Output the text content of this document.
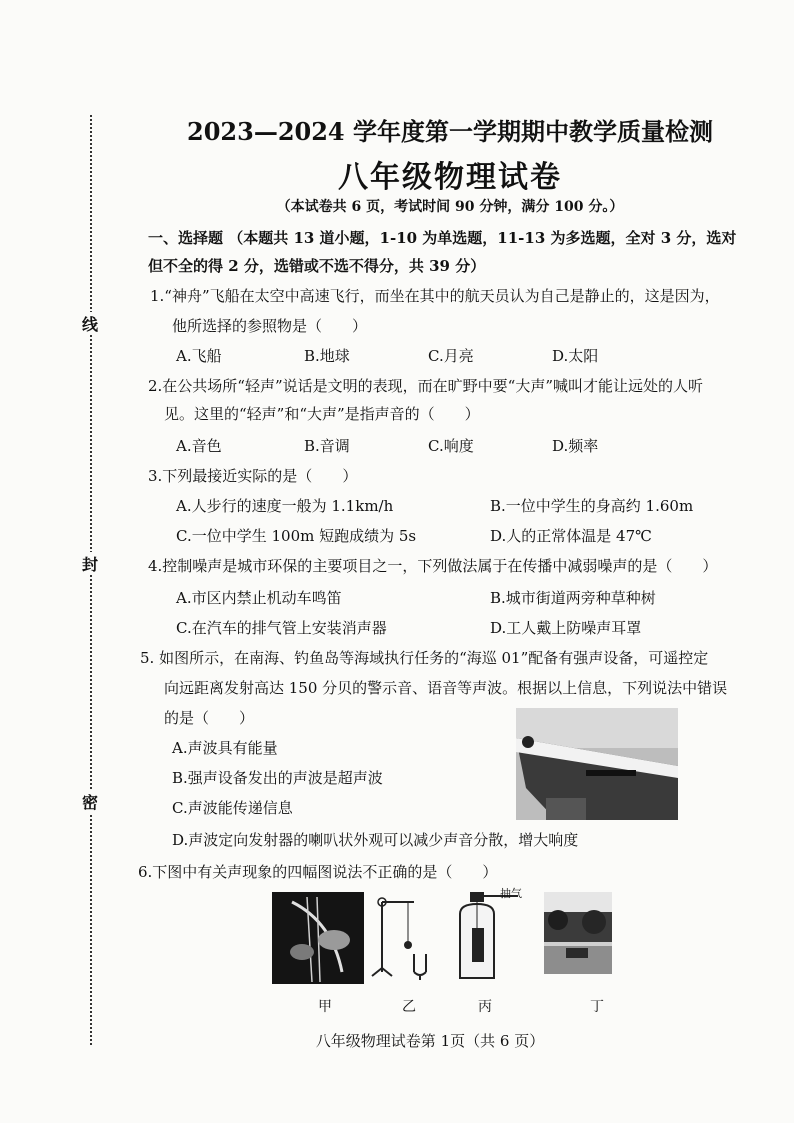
线
封
密
2023—2024 学年度第一学期期中教学质量检测
八年级物理试卷
（本试卷共 6 页，考试时间 90 分钟，满分 100 分。）
一、选择题 （本题共 13 道小题，1-10 为单选题，11-13 为多选题，全对 3 分，选对
但不全的得 2 分，选错或不选不得分，共 39 分）
1.“神舟”飞船在太空中高速飞行，而坐在其中的航天员认为自己是静止的，这是因为，
他所选择的参照物是（　　）
A.飞船	B.地球	C.月亮	D.太阳
2.在公共场所“轻声”说话是文明的表现，而在旷野中要“大声”喊叫才能让远处的人听
见。这里的“轻声”和“大声”是指声音的（　　）
A.音色	B.音调	C.响度	D.频率
3.下列最接近实际的是（　　）
A.人步行的速度一般为 1.1km/h	B.一位中学生的身高约 1.60m
C.一位中学生 100m 短跑成绩为 5s	D.人的正常体温是 47℃
4.控制噪声是城市环保的主要项目之一，下列做法属于在传播中减弱噪声的是（　　）
A.市区内禁止机动车鸣笛	B.城市街道两旁种草种树
C.在汽车的排气管上安装消声器	D.工人戴上防噪声耳罩
5. 如图所示，在南海、钓鱼岛等海域执行任务的“海巡 01”配备有强声设备，可遥控定
向远距离发射高达 150 分贝的警示音、语音等声波。根据以上信息，下列说法中错误
的是（　　）
A.声波具有能量
B.强声设备发出的声波是超声波
C.声波能传递信息
D.声波定向发射器的喇叭状外观可以减少声音分散，增大响度
6.下图中有关声现象的四幅图说法不正确的是（　　）
抽气
甲	乙	丙	丁
八年级物理试卷第 1页（共 6 页）
